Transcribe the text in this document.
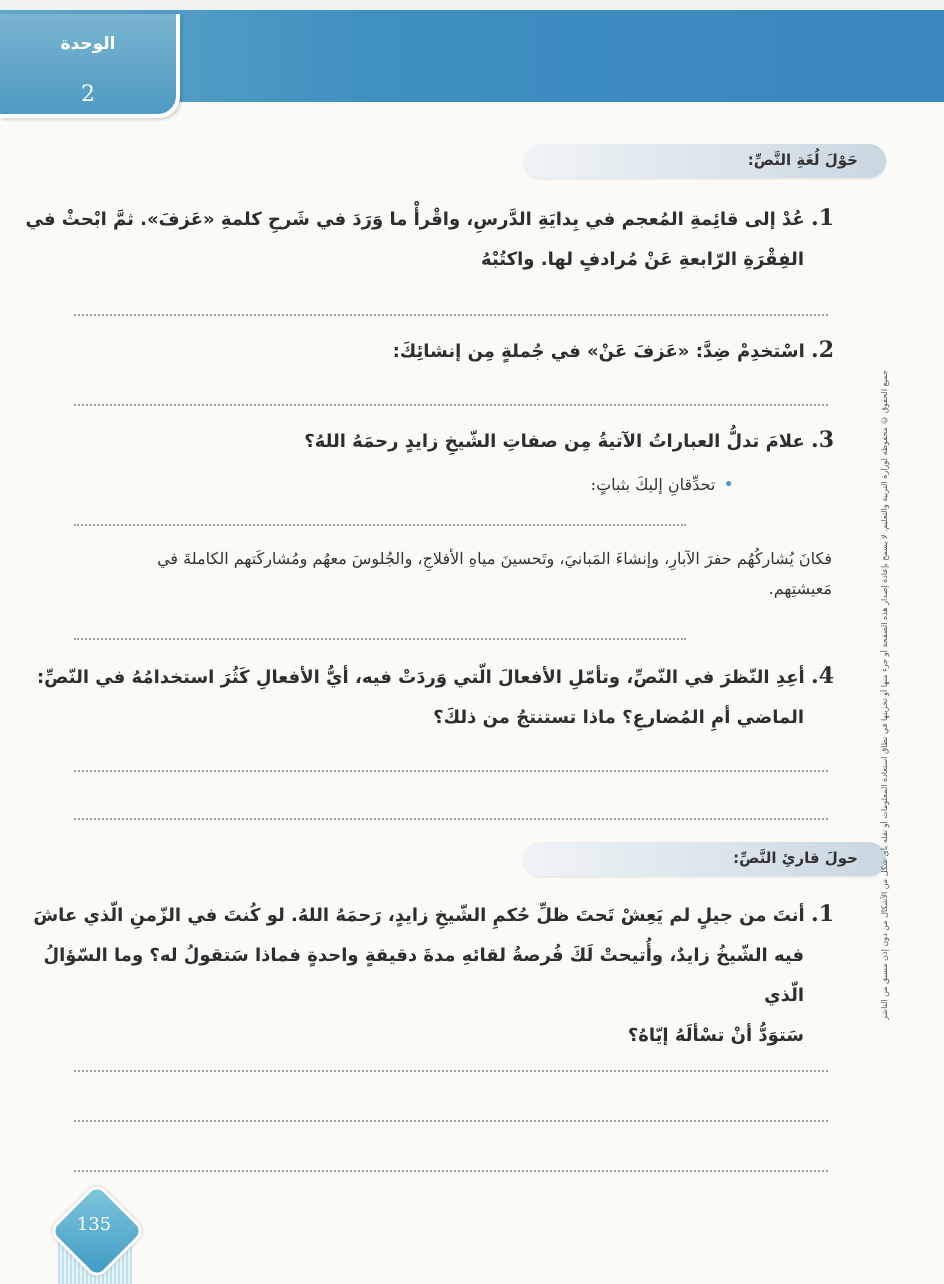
الوحدة
2
حَوْلَ لُغَةِ النَّصِّ:
1. عُدْ إلى قائِمةِ المُعجم في بِدايَةِ الدَّرسِ، واقْرأْ ما وَرَدَ في شَرحِ كلمةِ «عَزفَ». ثمَّ ابْحثْ في
الفِقْرَةِ الرّابعةِ عَنْ مُرادفٍ لها. واكتُبْهُ
2. اسْتخدِمْ ضِدَّ: «عَزفَ عَنْ» في جُملةٍ مِن إنشائِكَ:
3. علامَ تدلُّ العباراتُ الآتيةُ مِن صفاتِ الشّيخِ زايدٍ رحمَهُ اللهُ؟
•تحدِّقانِ إليكَ بثباتٍ:
فكانَ يُشاركُهُم حفرَ الآبارِ، وإنشاءَ المَبانيَ، وتَحسينَ مياهِ الأفلاجِ، والجُلوسَ معهُم ومُشاركَتهم الكاملةَ في مَعيشتِهم.
4. أعِدِ النّظرَ في النّصِّ، وتأمّلِ الأفعالَ الّتي وَردَتْ فيه، أيُّ الأفعالِ كَثُرَ استخدامُهُ في النّصِّ:
الماضي أمِ المُضارعِ؟ ماذا تستنتجُ من ذلكَ؟
حولَ قارئِ النَّصِّ:
1. أنتَ من جيلٍ لم يَعِشْ تَحتَ ظلِّ حُكمِ الشّيخِ زايدٍ، رَحمَهُ اللهُ. لو كُنتَ في الزّمنِ الّذي عاشَ
فيه الشّيخُ زايدٌ، وأُتيحتْ لَكَ فُرصةُ لقائهِ مدةَ دقيقةٍ واحدةٍ فماذا سَتقولُ له؟ وما السّؤالُ الّذي
سَتوَدُّ أنْ تسْألَهُ إيّاهُ؟
جميع الحقوق © محفوظة لوزارة التربية والتعليم. لا يسمح بإعادة إصدار هذه الصفحة أو جزء منها أو تخزينها في نطاق استعادة المعلومات أو نقله بأي شكل من الأشكال من دون إذن مسبق من الناشر
135
